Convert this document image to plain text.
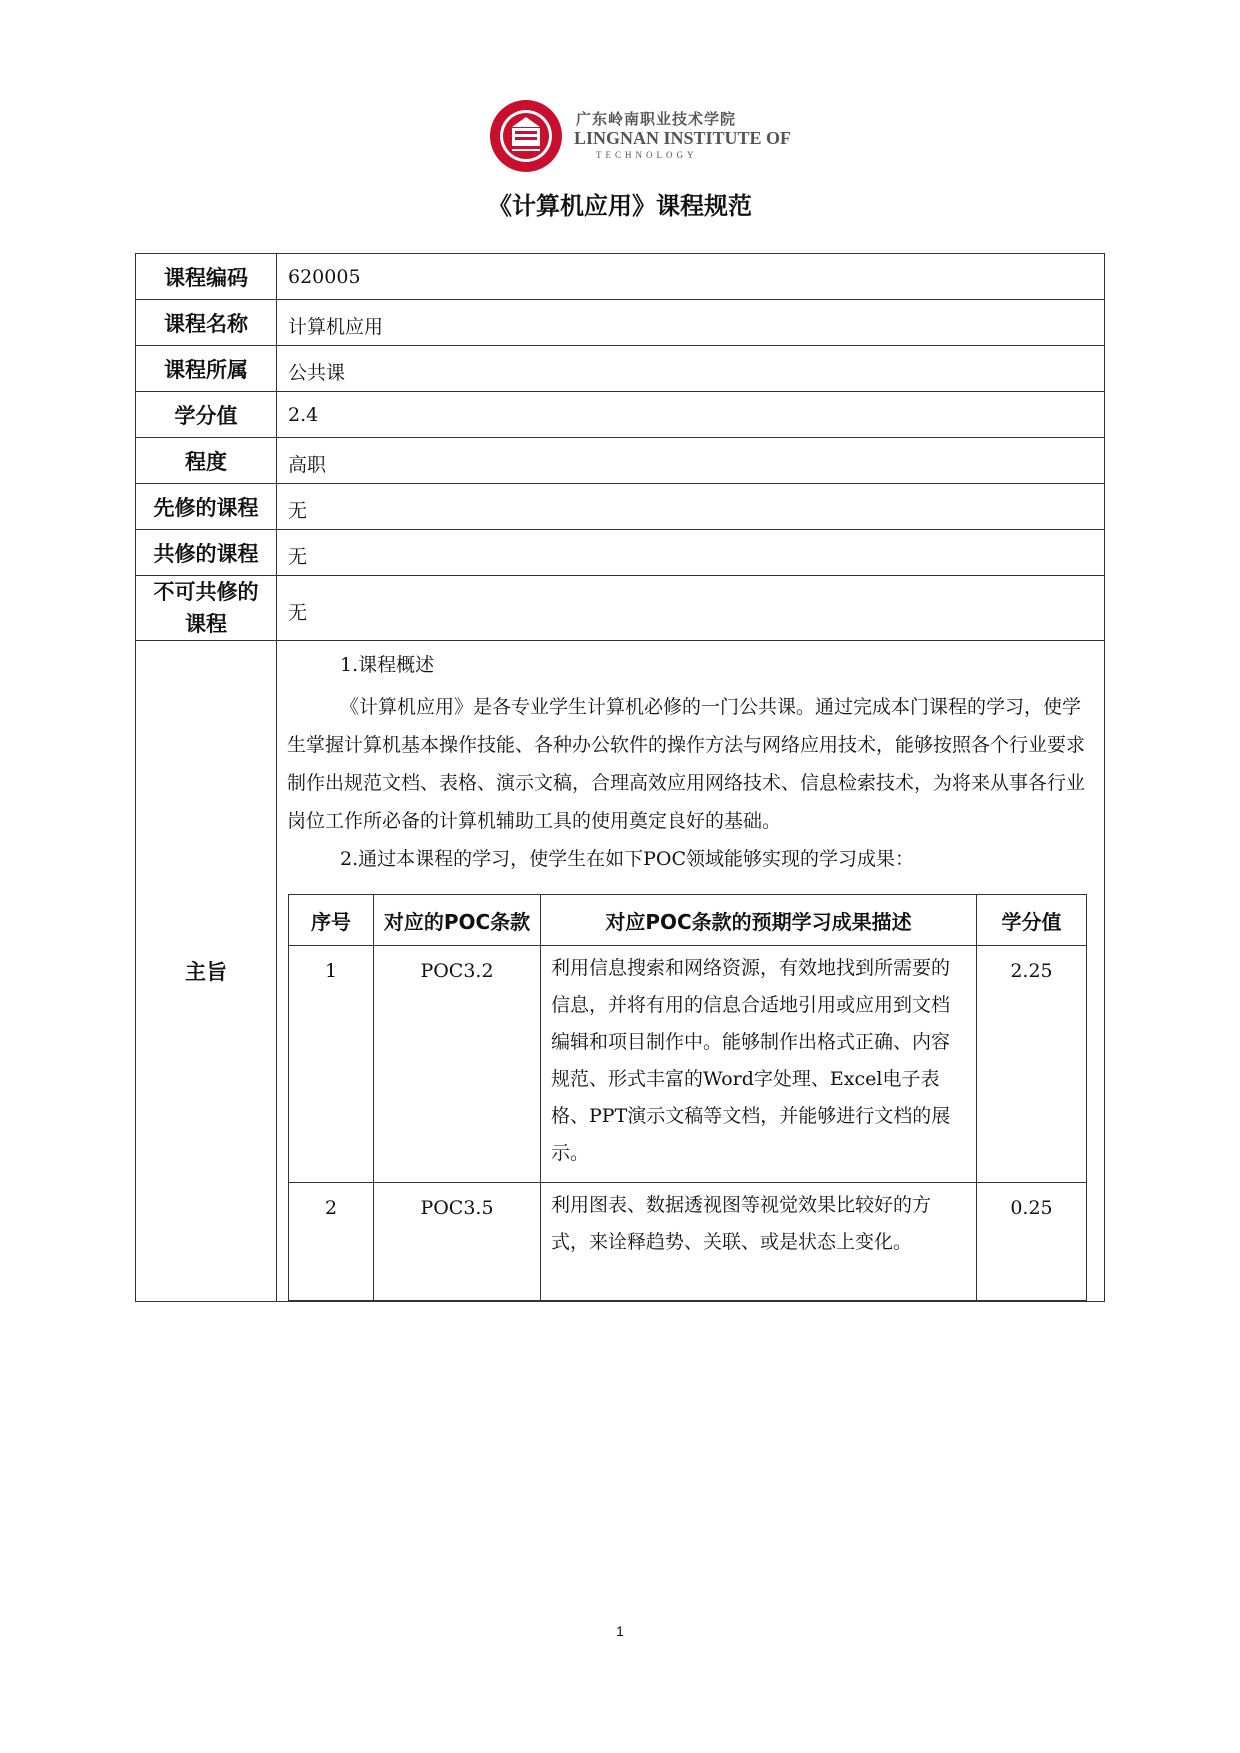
广东岭南职业技术学院
LINGNAN INSTITUTE OF
TECHNOLOGY
《计算机应用》课程规范
课程编码	620005
课程名称	计算机应用
课程所属	公共课
学分值	2.4
程度	高职
先修的课程	无
共修的课程	无

不可共修的
课程	无
主旨	

1.课程概述

《计算机应用》是各专业学生计算机必修的一门公共课。通过完成本门课程的学习，使学生掌握计算机基本操作技能、各种办公软件的操作方法与网络应用技术，能够按照各个行业要求制作出规范文档、表格、演示文稿，合理高效应用网络技术、信息检索技术，为将来从事各行业岗位工作所必备的计算机辅助工具的使用奠定良好的基础。

2.通过本课程的学习，使学生在如下POC领域能够实现的学习成果：

序号	对应的POC条款	对应POC条款的预期学习成果描述	学分值
1	POC3.2	利用信息搜索和网络资源，有效地找到所需要的信息，并将有用的信息合适地引用或应用到文档编辑和项目制作中。能够制作出格式正确、内容规范、形式丰富的Word字处理、Excel电子表格、PPT演示文稿等文档，并能够进行文档的展示。	2.25
2	POC3.5	利用图表、数据透视图等视觉效果比较好的方式，来诠释趋势、关联、或是状态上变化。	0.25
1
